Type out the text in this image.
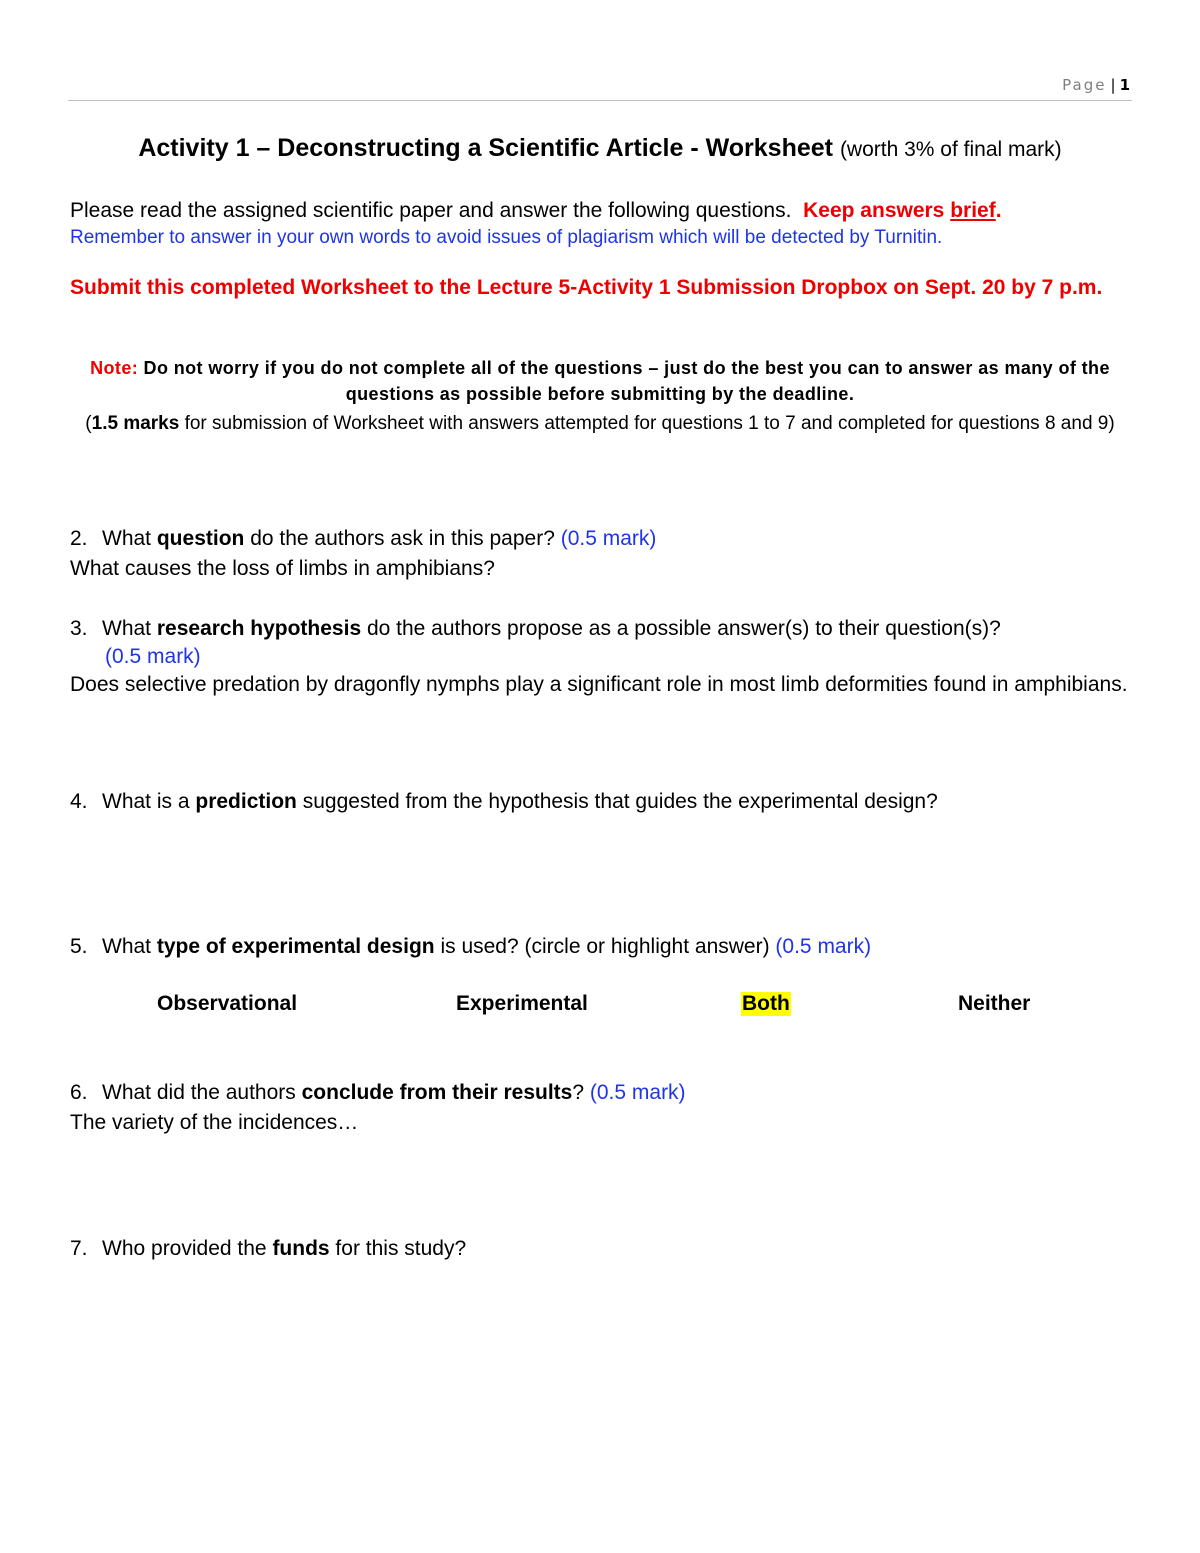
Page | 1
Activity 1 – Deconstructing a Scientific Article - Worksheet (worth 3% of final mark)
Please read the assigned scientific paper and answer the following questions. Keep answers brief.
Remember to answer in your own words to avoid issues of plagiarism which will be detected by Turnitin.
Submit this completed Worksheet to the Lecture 5-Activity 1 Submission Dropbox on Sept. 20 by 7 p.m.
Note: Do not worry if you do not complete all of the questions – just do the best you can to answer as many of the questions as possible before submitting by the deadline.
(1.5 marks for submission of Worksheet with answers attempted for questions 1 to 7 and completed for questions 8 and 9)
2. What question do the authors ask in this paper? (0.5 mark)
What causes the loss of limbs in amphibians?
3. What research hypothesis do the authors propose as a possible answer(s) to their question(s)?
(0.5 mark)
Does selective predation by dragonfly nymphs play a significant role in most limb deformities found in amphibians.
4. What is a prediction suggested from the hypothesis that guides the experimental design?
5. What type of experimental design is used? (circle or highlight answer) (0.5 mark)
Observational	Experimental	Both	Neither
6. What did the authors conclude from their results? (0.5 mark)
The variety of the incidences…
7. Who provided the funds for this study?
